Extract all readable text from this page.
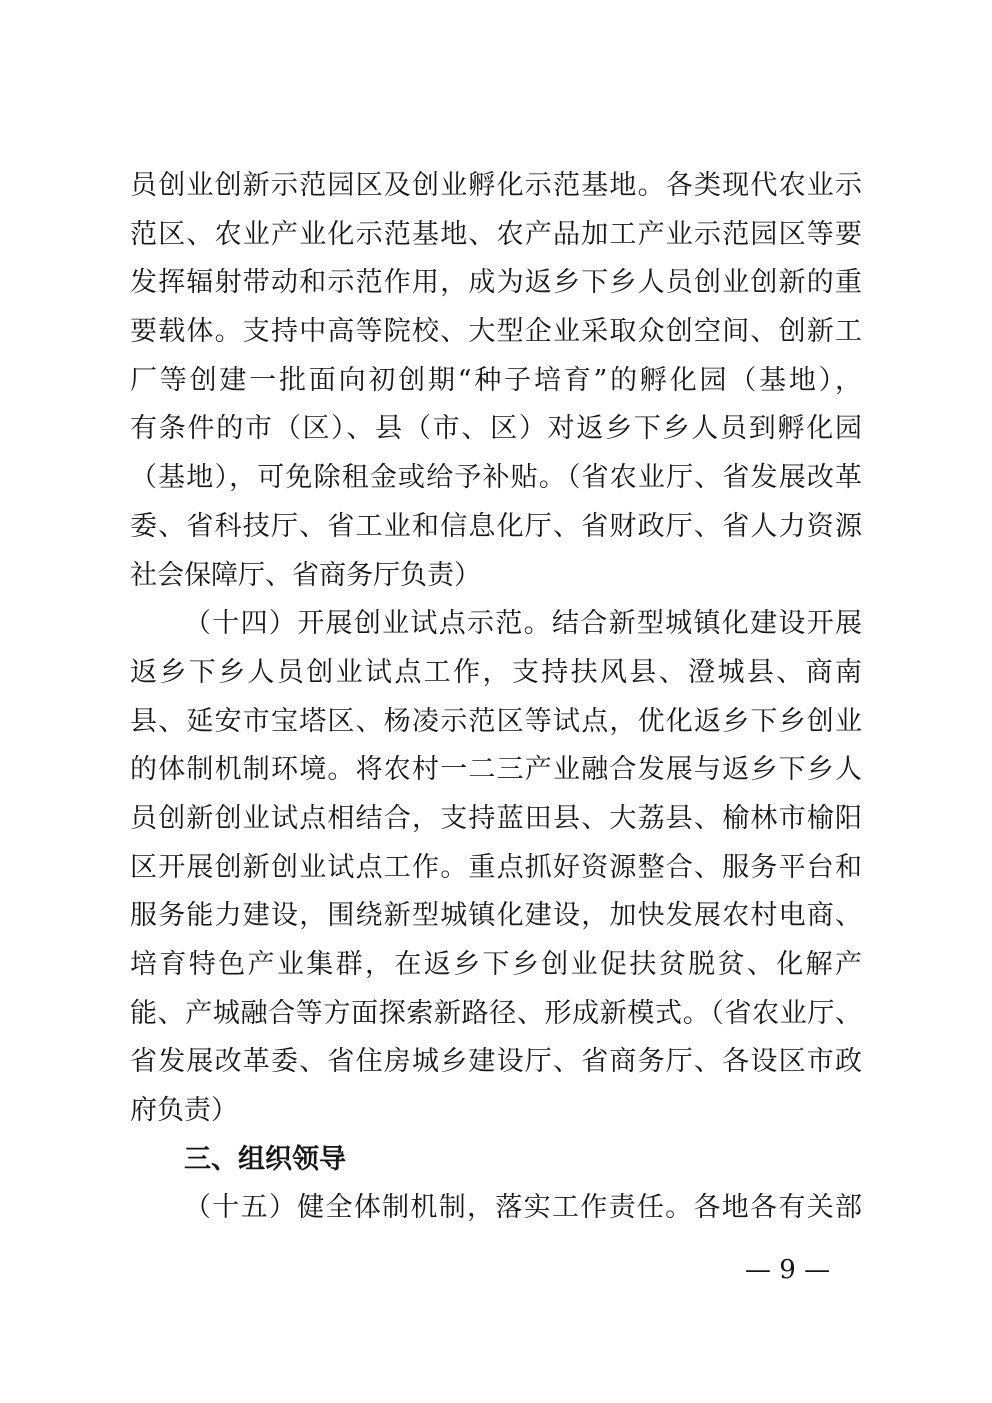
员创业创新示范园区及创业孵化示范基地。各类现代农业示
范区、农业产业化示范基地、农产品加工产业示范园区等要
发挥辐射带动和示范作用，成为返乡下乡人员创业创新的重
要载体。支持中高等院校、大型企业采取众创空间、创新工
厂等创建一批面向初创期“种子培育”的孵化园（基地），
有条件的市（区）、县（市、区）对返乡下乡人员到孵化园
（基地），可免除租金或给予补贴。（省农业厅、省发展改革
委、省科技厅、省工业和信息化厅、省财政厅、省人力资源
社会保障厅、省商务厅负责）
（十四）开展创业试点示范。结合新型城镇化建设开展
返乡下乡人员创业试点工作，支持扶风县、澄城县、商南
县、延安市宝塔区、杨凌示范区等试点，优化返乡下乡创业
的体制机制环境。将农村一二三产业融合发展与返乡下乡人
员创新创业试点相结合，支持蓝田县、大荔县、榆林市榆阳
区开展创新创业试点工作。重点抓好资源整合、服务平台和
服务能力建设，围绕新型城镇化建设，加快发展农村电商、
培育特色产业集群，在返乡下乡创业促扶贫脱贫、化解产
能、产城融合等方面探索新路径、形成新模式。（省农业厅、
省发展改革委、省住房城乡建设厅、省商务厅、各设区市政
府负责）
三、组织领导
（十五）健全体制机制，落实工作责任。各地各有关部
— 9 —
